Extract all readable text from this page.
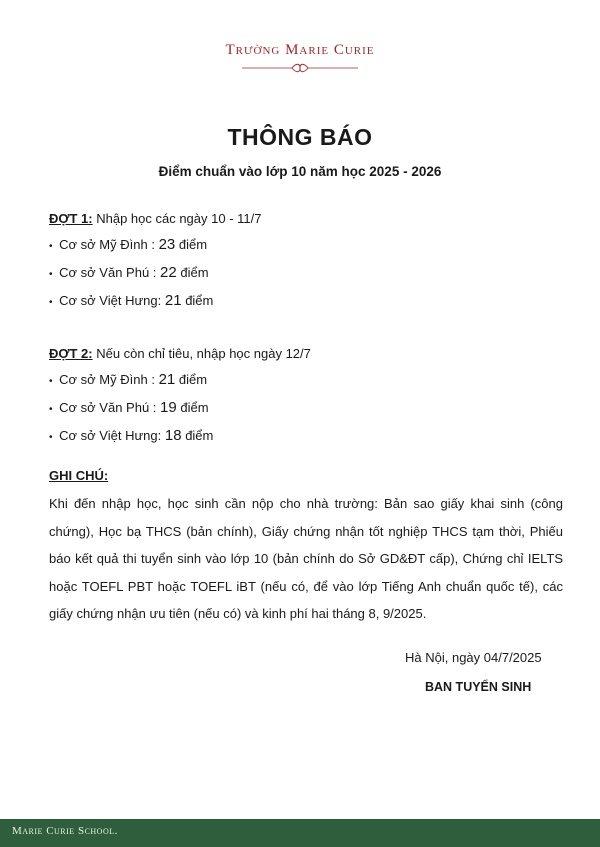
Trường Marie Curie
THÔNG BÁO
Điểm chuẩn vào lớp 10 năm học 2025 - 2026
ĐỢT 1: Nhập học các ngày 10 - 11/7
• Cơ sở Mỹ Đình : 23 điểm
• Cơ sở Văn Phú : 22 điểm
• Cơ sở Việt Hưng: 21 điểm
ĐỢT 2: Nếu còn chỉ tiêu, nhập học ngày 12/7
• Cơ sở Mỹ Đình : 21 điểm
• Cơ sở Văn Phú : 19 điểm
• Cơ sở Việt Hưng: 18 điểm
GHI CHÚ:
Khi đến nhập học, học sinh cần nộp cho nhà trường: Bản sao giấy khai sinh (công chứng), Học bạ THCS (bản chính), Giấy chứng nhận tốt nghiệp THCS tạm thời, Phiếu báo kết quả thi tuyển sinh vào lớp 10 (bản chính do Sở GD&ĐT cấp), Chứng chỉ IELTS hoặc TOEFL PBT hoặc TOEFL iBT (nếu có, để vào lớp Tiếng Anh chuẩn quốc tế), các giấy chứng nhận ưu tiên (nếu có) và kinh phí hai tháng 8, 9/2025.
Hà Nội, ngày 04/7/2025
BAN TUYỂN SINH
Marie Curie School.
